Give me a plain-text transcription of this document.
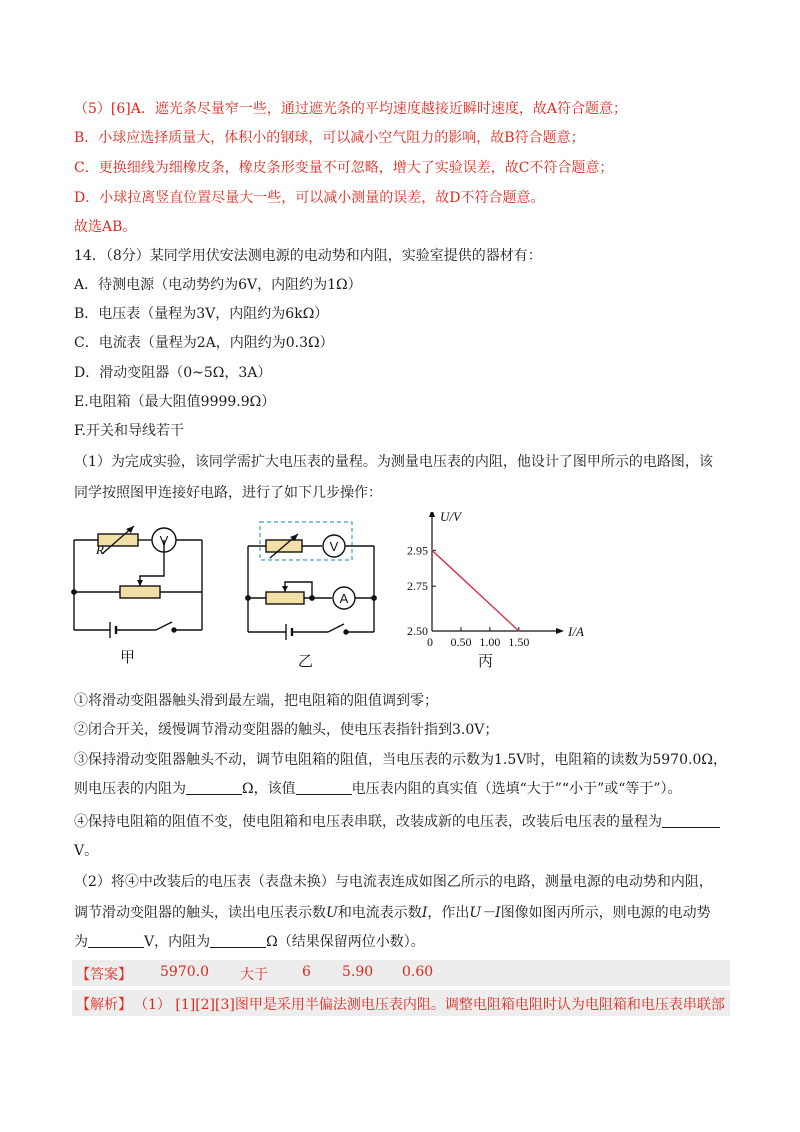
（5）[6]A．遮光条尽量窄一些，通过遮光条的平均速度越接近瞬时速度，故A符合题意；
B．小球应选择质量大，体积小的钢球，可以减小空气阻力的影响，故B符合题意；
C．更换细线为细橡皮条，橡皮条形变量不可忽略，增大了实验误差，故C不符合题意；
D．小球拉离竖直位置尽量大一些，可以减小测量的误差，故D不符合题意。
故选AB。
14．（8分）某同学用伏安法测电源的电动势和内阻，实验室提供的器材有：
A．待测电源（电动势约为6V，内阻约为1Ω）
B．电压表（量程为3V，内阻约为6kΩ）
C．电流表（量程为2A，内阻约为0.3Ω）
D．滑动变阻器（0~5Ω，3A）
E.电阻箱（最大阻值9999.9Ω）
F.开关和导线若干
（1）为完成实验，该同学需扩大电压表的量程。为测量电压表的内阻，他设计了图甲所示的电路图，该
同学按照图甲连接好电路，进行了如下几步操作：
R
V
甲
V
A
乙
U/V
I/A
2.50
2.75
2.95
0 0.50 1.00 1.50
丙
①将滑动变阻器触头滑到最左端，把电阻箱的阻值调到零；
②闭合开关，缓慢调节滑动变阻器的触头，使电压表指针指到3.0V；
③保持滑动变阻器触头不动，调节电阻箱的阻值，当电压表的示数为1.5V时，电阻箱的读数为5970.0Ω，
则电压表的内阻为	Ω，该值	电压表内阻的真实值（选填“大于”“小于”或“等于”）。
④保持电阻箱的阻值不变，使电阻箱和电压表串联，改装成新的电压表，改装后电压表的量程为
V。
（2）将④中改装后的电压表（表盘未换）与电流表连成如图乙所示的电路，测量电源的电动势和内阻，
调节滑动变阻器的触头，读出电压表示数U和电流表示数I，作出U－I图像如图丙所示，则电源的电动势
为	V，内阻为	Ω（结果保留两位小数）。
【答案】 5970.0 大于 6 5.90 0.60
【解析】 （1） [1][2][3]图甲是采用半偏法测电压表内阻。调整电阻箱电阻时认为电阻箱和电压表串联部
